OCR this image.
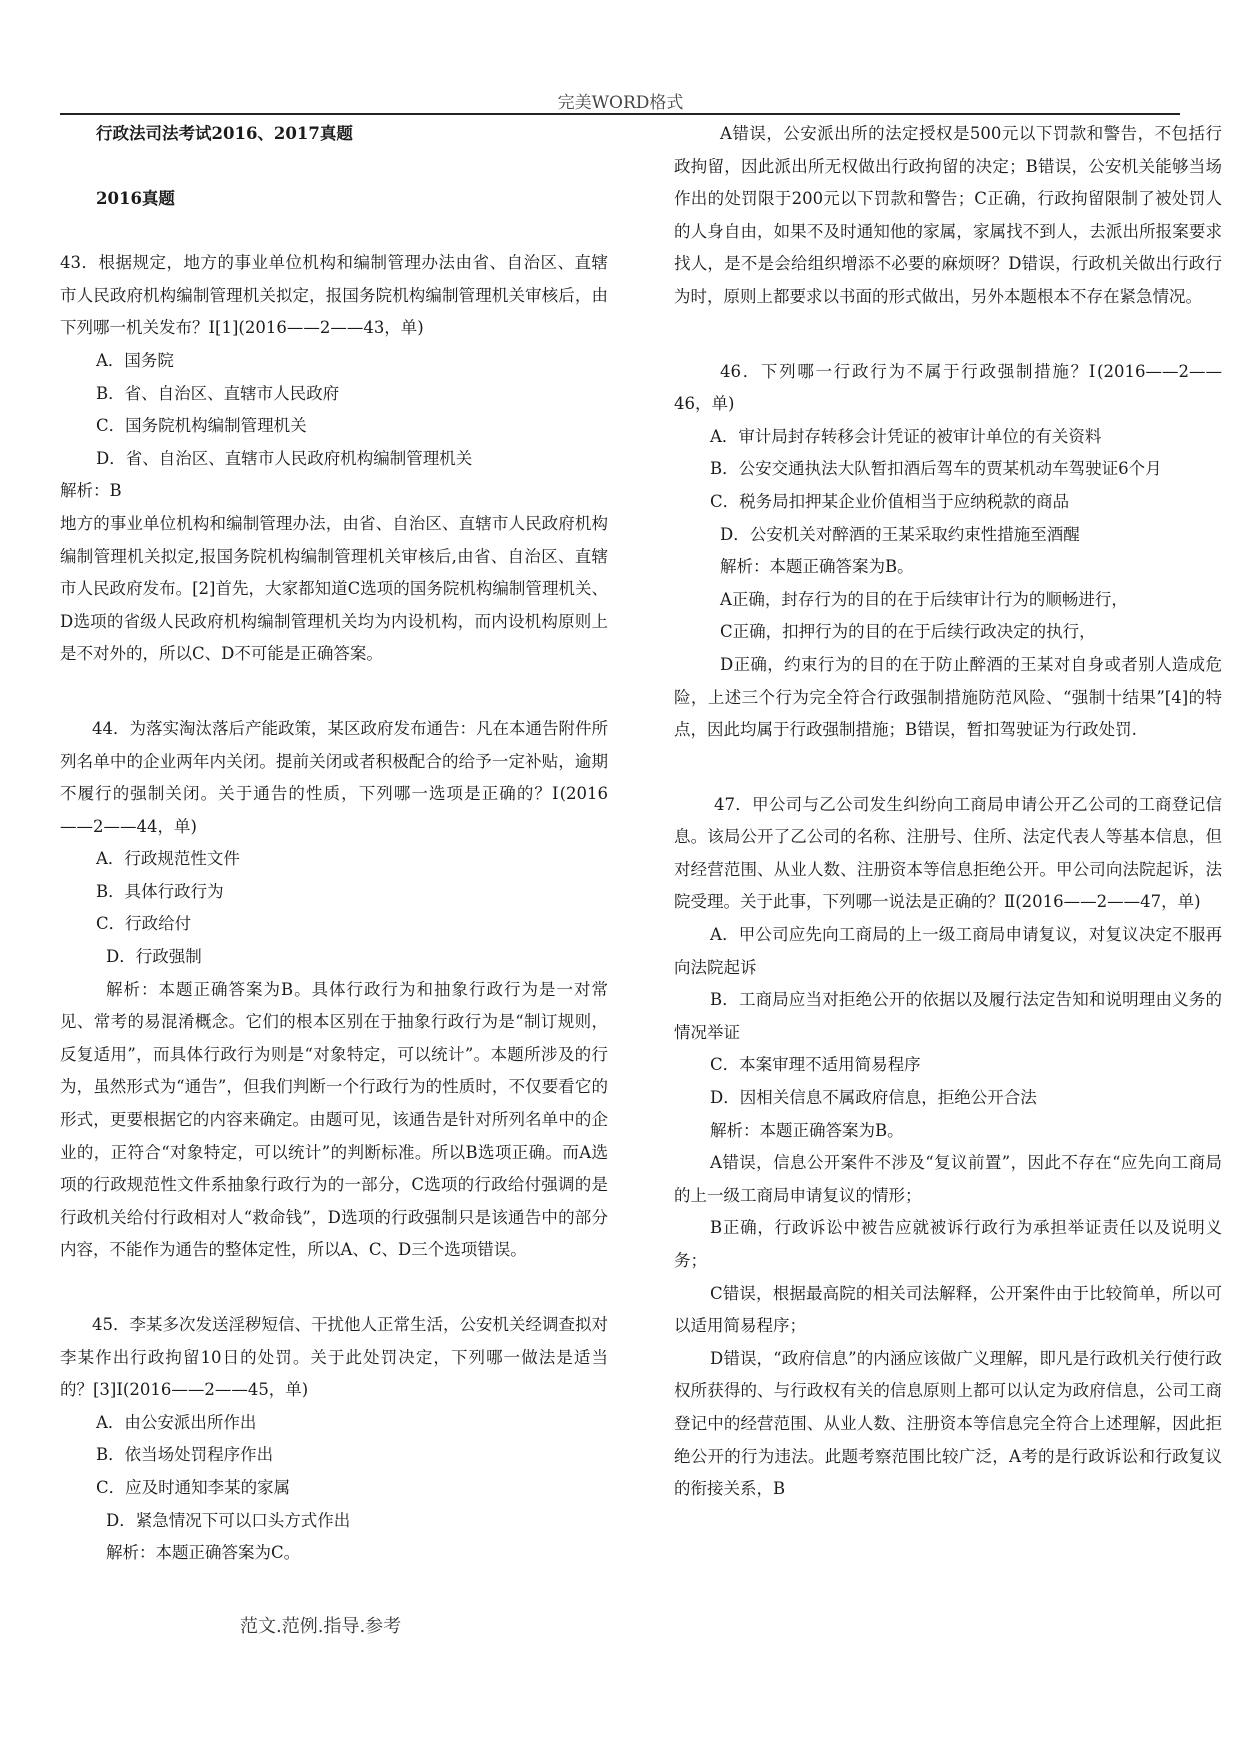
完美WORD格式

行政法司法考试2016、2017真题

2016真题

43．根据规定，地方的事业单位机构和编制管理办法由省、自治区、直辖市人民政府机构编制管理机关拟定，报国务院机构编制管理机关审核后，由下列哪一机关发布？Ⅰ[1](2016——2——43，单)

A．国务院

B．省、自治区、直辖市人民政府

C．国务院机构编制管理机关

D．省、自治区、直辖市人民政府机构编制管理机关

解析：B

地方的事业单位机构和编制管理办法，由省、自治区、直辖市人民政府机构编制管理机关拟定,报国务院机构编制管理机关审核后,由省、自治区、直辖市人民政府发布。[2]首先，大家都知道C选项的国务院机构编制管理机关、D选项的省级人民政府机构编制管理机关均为内设机构，而内设机构原则上是不对外的，所以C、D不可能是正确答案。

44．为落实淘汰落后产能政策，某区政府发布通告：凡在本通告附件所列名单中的企业两年内关闭。提前关闭或者积极配合的给予一定补贴，逾期不履行的强制关闭。关于通告的性质，下列哪一选项是正确的？Ⅰ(2016——2——44，单)

A．行政规范性文件

B．具体行政行为

C．行政给付

D．行政强制

解析：本题正确答案为B。具体行政行为和抽象行政行为是一对常见、常考的易混淆概念。它们的根本区别在于抽象行政行为是“制订规则，反复适用”，而具体行政行为则是“对象特定，可以统计”。本题所涉及的行为，虽然形式为“通告”，但我们判断一个行政行为的性质时，不仅要看它的形式，更要根据它的内容来确定。由题可见，该通告是针对所列名单中的企业的，正符合“对象特定，可以统计”的判断标准。所以B选项正确。而A选项的行政规范性文件系抽象行政行为的一部分，C选项的行政给付强调的是行政机关给付行政相对人“救命钱”，D选项的行政强制只是该通告中的部分内容，不能作为通告的整体定性，所以A、C、D三个选项错误。

45．李某多次发送淫秽短信、干扰他人正常生活，公安机关经调查拟对李某作出行政拘留10日的处罚。关于此处罚决定，下列哪一做法是适当的？[3]Ⅰ(2016——2——45，单)

A．由公安派出所作出

B．依当场处罚程序作出

C．应及时通知李某的家属

D．紧急情况下可以口头方式作出

解析：本题正确答案为C。

A错误，公安派出所的法定授权是500元以下罚款和警告，不包括行政拘留，因此派出所无权做出行政拘留的决定；B错误，公安机关能够当场作出的处罚限于200元以下罚款和警告；C正确，行政拘留限制了被处罚人的人身自由，如果不及时通知他的家属，家属找不到人，去派出所报案要求找人，是不是会给组织增添不必要的麻烦呀？D错误，行政机关做出行政行为时，原则上都要求以书面的形式做出，另外本题根本不存在紧急情况。

46．下列哪一行政行为不属于行政强制措施？Ⅰ(2016——2——46，单)

A．审计局封存转移会计凭证的被审计单位的有关资料

B．公安交通执法大队暂扣酒后驾车的贾某机动车驾驶证6个月

C．税务局扣押某企业价值相当于应纳税款的商品

D．公安机关对醉酒的王某采取约束性措施至酒醒

解析：本题正确答案为B。

A正确，封存行为的目的在于后续审计行为的顺畅进行，

C正确，扣押行为的目的在于后续行政决定的执行，

D正确，约束行为的目的在于防止醉酒的王某对自身或者别人造成危险，上述三个行为完全符合行政强制措施防范风险、“强制十结果”[4]的特点，因此均属于行政强制措施；B错误，暂扣驾驶证为行政处罚.

47．甲公司与乙公司发生纠纷向工商局申请公开乙公司的工商登记信息。该局公开了乙公司的名称、注册号、住所、法定代表人等基本信息，但对经营范围、从业人数、注册资本等信息拒绝公开。甲公司向法院起诉，法院受理。关于此事，下列哪一说法是正确的？Ⅱ(2016——2——47，单)

A．甲公司应先向工商局的上一级工商局申请复议，对复议决定不服再向法院起诉

B．工商局应当对拒绝公开的依据以及履行法定告知和说明理由义务的情况举证

C．本案审理不适用简易程序

D．因相关信息不属政府信息，拒绝公开合法

解析：本题正确答案为B。

A错误，信息公开案件不涉及“复议前置”，因此不存在“应先向工商局的上一级工商局申请复议的情形；

B正确，行政诉讼中被告应就被诉行政行为承担举证责任以及说明义务；

C错误，根据最高院的相关司法解释，公开案件由于比较简单，所以可以适用简易程序；

D错误，“政府信息”的内涵应该做广义理解，即凡是行政机关行使行政权所获得的、与行政权有关的信息原则上都可以认定为政府信息，公司工商登记中的经营范围、从业人数、注册资本等信息完全符合上述理解，因此拒绝公开的行为违法。此题考察范围比较广泛，A考的是行政诉讼和行政复议的衔接关系，B

范文.范例.指导.参考
